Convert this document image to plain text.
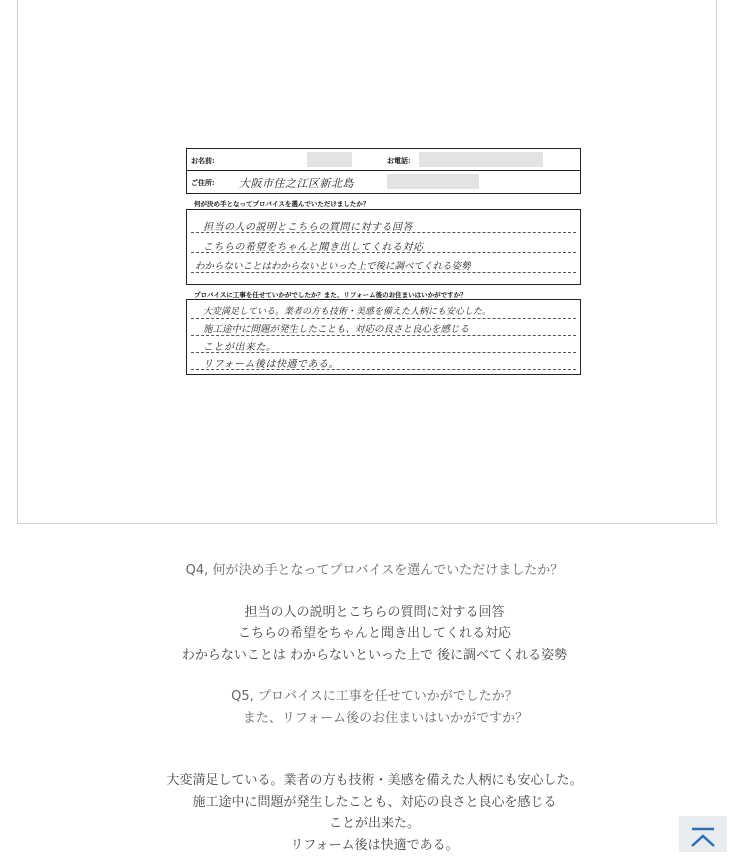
お名前:	お電話:
ご住所: 大阪市住之江区新北島
何が決め手となってプロバイスを選んでいただけましたか？
担当の人の説明とこちらの質問に対する回答
こちらの希望をちゃんと聞き出してくれる対応
わからないことはわからないといった上で後に調べてくれる姿勢
プロバイスに工事を任せていかがでしたか？また、リフォーム後のお住まいはいかがですか？
大変満足している。業者の方も技術・美感を備えた人柄にも安心した。
施工途中に問題が発生したことも、対応の良さと良心を感じる
ことが出来た。
リフォーム後は快適である。
Q4, 何が決め手となってプロバイスを選んでいただけましたか？
担当の人の説明とこちらの質問に対する回答
こちらの希望をちゃんと聞き出してくれる対応
わからないことは わからないといった上で 後に調べてくれる姿勢
Q5, プロバイスに工事を任せていかがでしたか？
また、リフォーム後のお住まいはいかがですか？
大変満足している。業者の方も技術・美感を備えた人柄にも安心した。
施工途中に問題が発生したことも、対応の良さと良心を感じる
ことが出来た。
リフォーム後は快適である。
